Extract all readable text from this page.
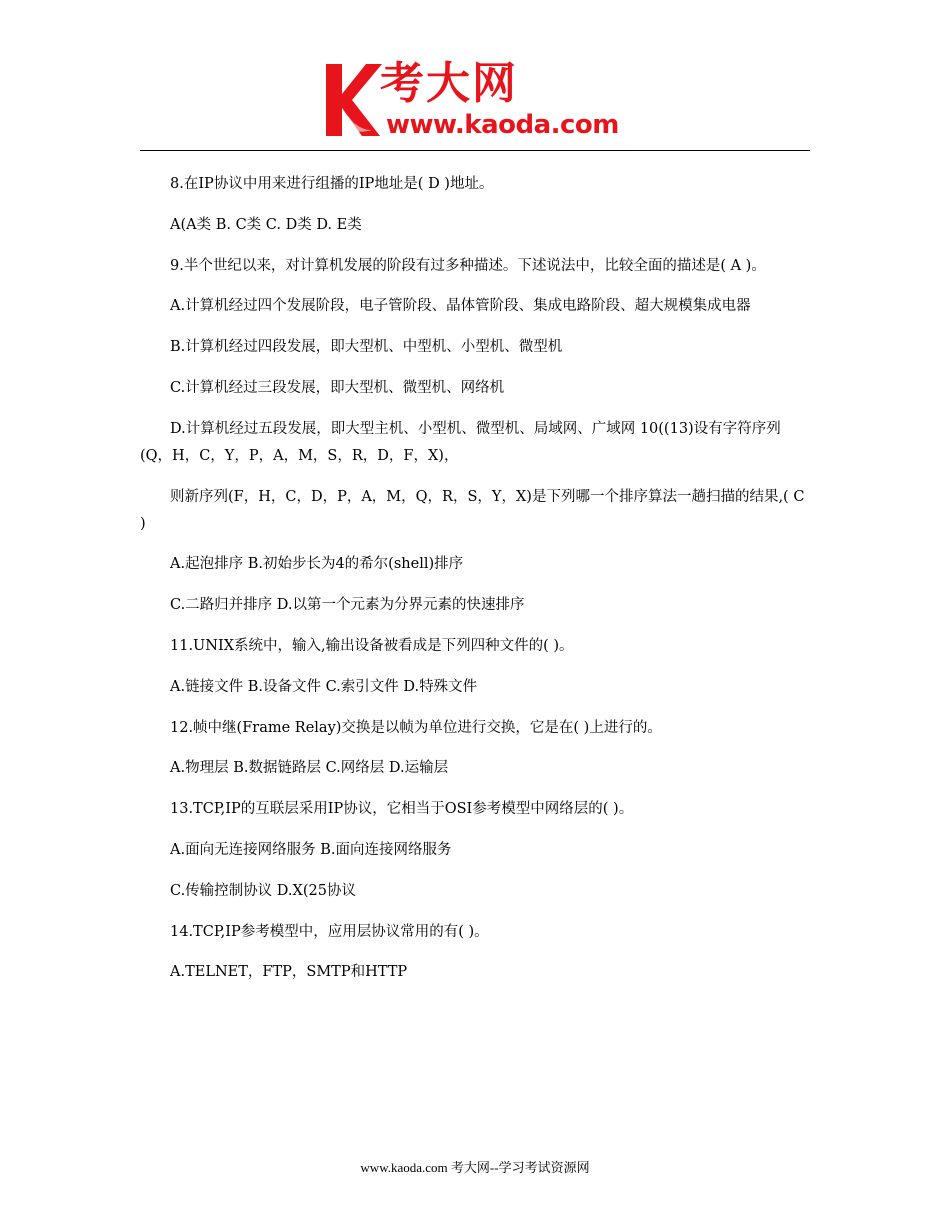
考大网
www.kaoda.com

8.在IP协议中用来进行组播的IP地址是( D )地址。

A(A类 B. C类 C. D类 D. E类

9.半个世纪以来，对计算机发展的阶段有过多种描述。下述说法中，比较全面的描述是( A )。

A.计算机经过四个发展阶段，电子管阶段、晶体管阶段、集成电路阶段、超大规模集成电器

B.计算机经过四段发展，即大型机、中型机、小型机、微型机

C.计算机经过三段发展，即大型机、微型机、网络机

D.计算机经过五段发展，即大型主机、小型机、微型机、局域网、广域网 10((13)设有字符序列(Q，H，C，Y，P，A，M，S，R，D，F，X)，

则新序列(F，H，C，D，P，A，M，Q，R，S，Y，X)是下列哪一个排序算法一趟扫描的结果,( C )

A.起泡排序 B.初始步长为4的希尔(shell)排序

C.二路归并排序 D.以第一个元素为分界元素的快速排序

11.UNIX系统中，输入,输出设备被看成是下列四种文件的( )。

A.链接文件 B.设备文件 C.索引文件 D.特殊文件

12.帧中继(Frame Relay)交换是以帧为单位进行交换，它是在( )上进行的。

A.物理层 B.数据链路层 C.网络层 D.运输层

13.TCP,IP的互联层采用IP协议，它相当于OSI参考模型中网络层的( )。

A.面向无连接网络服务 B.面向连接网络服务

C.传输控制协议 D.X(25协议

14.TCP,IP参考模型中，应用层协议常用的有( )。

A.TELNET，FTP，SMTP和HTTP

www.kaoda.com 考大网--学习考试资源网
